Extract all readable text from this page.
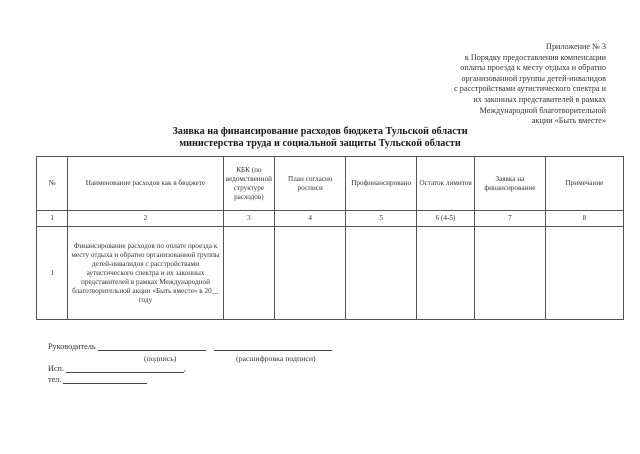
Приложение № 3
к Порядку предоставления компенсации
оплаты проезда к месту отдыха и обратно
организованной группы детей-инвалидов
с расстройствами аутистического спектра и
их законных представителей в рамках
Международной благотворительной
акции «Быть вместе»
Заявка на финансирование расходов бюджета Тульской области
министерства труда и социальной защиты Тульской области
№	Наименование расходов как в бюджете	КБК (по ведомственной структуре расходов)	План согласно росписи	Профинансировано	Остаток лимитов	Заявка на финансирование	Примечание
1	2	3	4	5	6 (4-5)	7	8
1	Финансирование расходов по оплате проезда к месту отдыха и обратно организованной группы детей-инвалидов с расстройствами аутистического спектра и их законных представителей в рамках Международной благотворительной акции «Быть вместе» в 20__ году						
Руководитель
(подпись)	(расшифровка подписи)
Исп.	,
тел.
